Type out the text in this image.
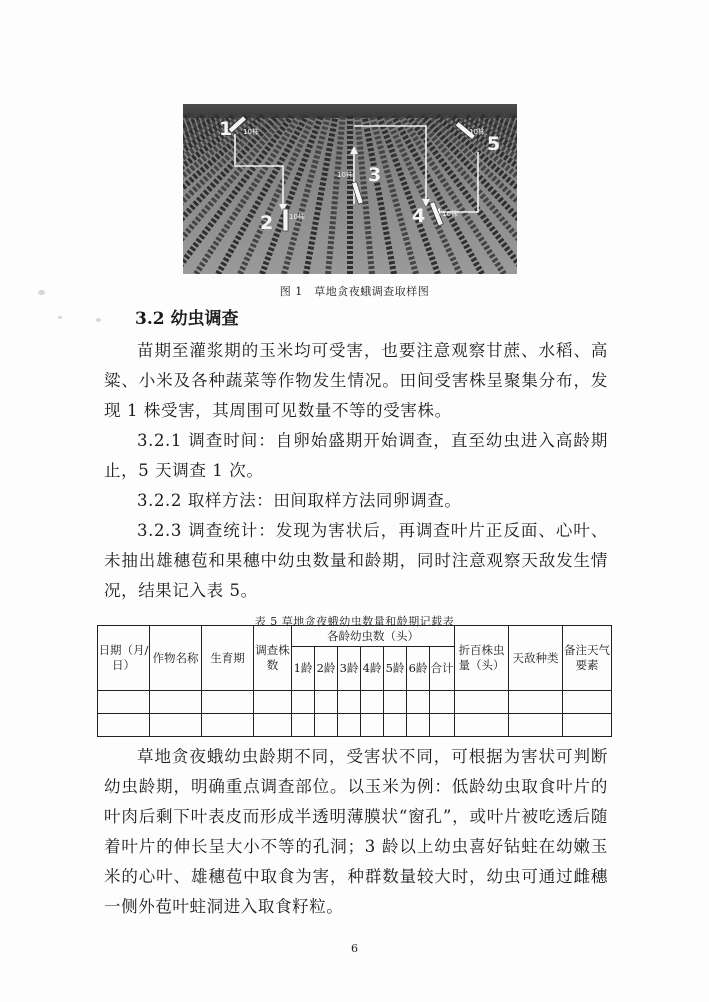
1 10株
2 10株
3
10株
4 10株
5
10株
图 1　草地贪夜蛾调查取样图
3.2 幼虫调查

苗期至灌浆期的玉米均可受害，也要注意观察甘蔗、水稻、高粱、小米及各种蔬菜等作物发生情况。田间受害株呈聚集分布，发现 1 株受害，其周围可见数量不等的受害株。

3.2.1 调查时间：自卵始盛期开始调查，直至幼虫进入高龄期止，5 天调查 1 次。

3.2.2 取样方法：田间取样方法同卵调查。

3.2.3 调查统计：发现为害状后，再调查叶片正反面、心叶、未抽出雄穗苞和果穗中幼虫数量和龄期，同时注意观察天敌发生情况，结果记入表 5。

表 5 草地贪夜蛾幼虫数量和龄期记载表
日期（月/日）	作物名称	生育期	调查株数	各龄幼虫数（头）							折百株虫量（头）	天敌种类	备注天气要素
				1龄	2龄	3龄	4龄	5龄	6龄	合计			

草地贪夜蛾幼虫龄期不同，受害状不同，可根据为害状可判断幼虫龄期，明确重点调查部位。以玉米为例：低龄幼虫取食叶片的叶肉后剩下叶表皮而形成半透明薄膜状“窗孔”，或叶片被吃透后随着叶片的伸长呈大小不等的孔洞；3 龄以上幼虫喜好钻蛀在幼嫩玉米的心叶、雄穗苞中取食为害，种群数量较大时，幼虫可通过雌穗一侧外苞叶蛀洞进入取食籽粒。

6
